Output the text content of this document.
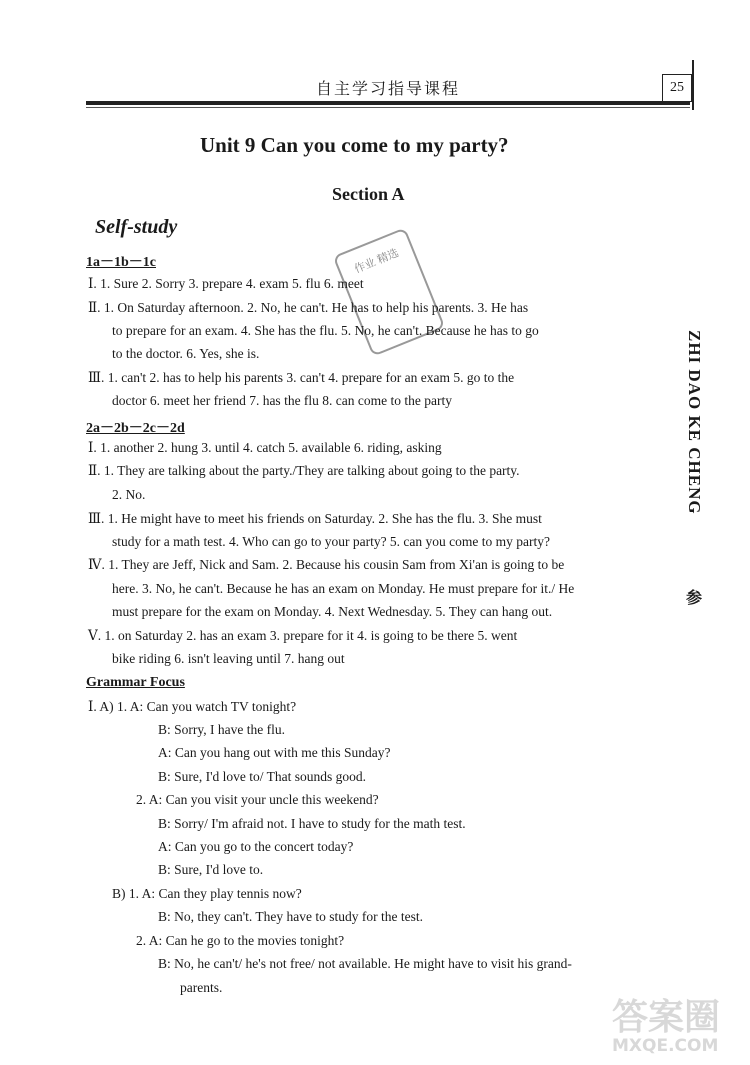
自主学习指导课程	25
ZHI DAO KE CHENG
参
Unit 9 Can you come to my party?
Section A
Self-study
作业 精选
1a－1b－1c
Ⅰ. 1. Sure 2. Sorry 3. prepare 4. exam 5. flu 6. meet
Ⅱ. 1. On Saturday afternoon. 2. No, he can't. He has to help his parents. 3. He has
to prepare for an exam. 4. She has the flu. 5. No, he can't. Because he has to go
to the doctor. 6. Yes, she is.
Ⅲ. 1. can't 2. has to help his parents 3. can't 4. prepare for an exam 5. go to the
doctor 6. meet her friend 7. has the flu 8. can come to the party
2a－2b－2c－2d
Ⅰ. 1. another 2. hung 3. until 4. catch 5. available 6. riding, asking
Ⅱ. 1. They are talking about the party./They are talking about going to the party.
2. No.
Ⅲ. 1. He might have to meet his friends on Saturday. 2. She has the flu. 3. She must
study for a math test. 4. Who can go to your party? 5. can you come to my party?
Ⅳ. 1. They are Jeff, Nick and Sam. 2. Because his cousin Sam from Xi'an is going to be
here. 3. No, he can't. Because he has an exam on Monday. He must prepare for it./ He
must prepare for the exam on Monday. 4. Next Wednesday. 5. They can hang out.
Ⅴ. 1. on Saturday 2. has an exam 3. prepare for it 4. is going to be there 5. went
bike riding 6. isn't leaving until 7. hang out
Grammar Focus
Ⅰ. A) 1. A: Can you watch TV tonight?
B: Sorry, I have the flu.
A: Can you hang out with me this Sunday?
B: Sure, I'd love to/ That sounds good.
2. A: Can you visit your uncle this weekend?
B: Sorry/ I'm afraid not. I have to study for the math test.
A: Can you go to the concert today?
B: Sure, I'd love to.
B) 1. A: Can they play tennis now?
B: No, they can't. They have to study for the test.
2. A: Can he go to the movies tonight?
B: No, he can't/ he's not free/ not available. He might have to visit his grand-
parents.
答案圈
MXQE.COM
